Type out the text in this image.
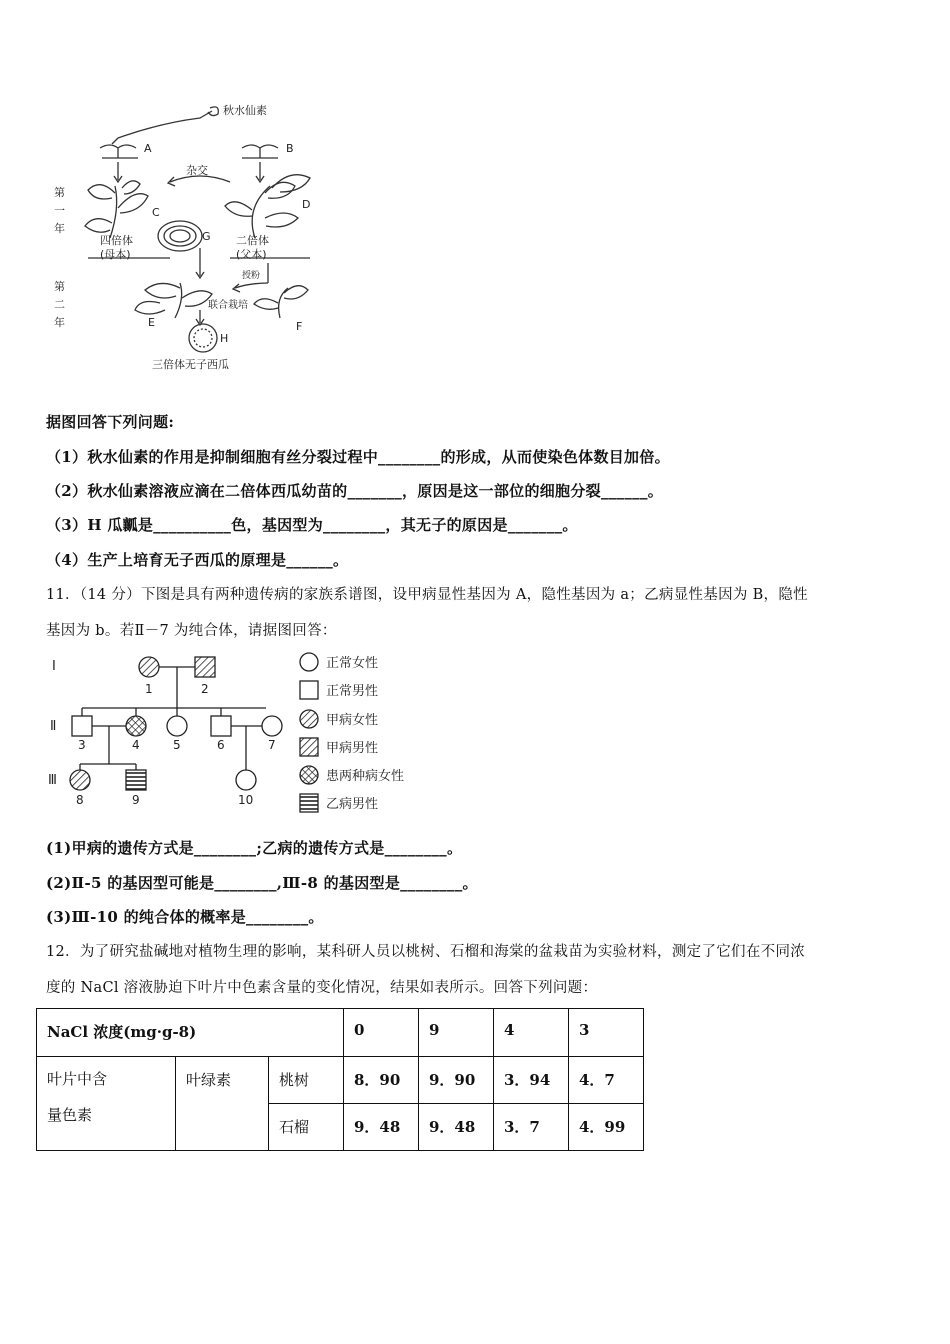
秋水仙素
A	B
杂交
C
D
G
四倍体
(母本)
二倍体
(父本)
授粉
E	F
联合栽培
H
三倍体无子西瓜
第
一
年
第
二
年
据图回答下列问题:
（1）秋水仙素的作用是抑制细胞有丝分裂过程中________的形成，从而使染色体数目加倍。
（2）秋水仙素溶液应滴在二倍体西瓜幼苗的_______，原因是这一部位的细胞分裂______。
（3）H 瓜瓤是__________色，基因型为________，其无子的原因是_______。
（4）生产上培育无子西瓜的原理是______。
11．（14 分）下图是具有两种遗传病的家族系谱图，设甲病显性基因为 A，隐性基因为 a；乙病显性基因为 B，隐性
基因为 b。若Ⅱ－7 为纯合体，请据图回答：
Ⅰ
Ⅱ
Ⅲ
1	2
3	4	5	6	7
8	9	10
正常女性
正常男性
甲病女性
甲病男性
患两种病女性
乙病男性
(1)甲病的遗传方式是________;乙病的遗传方式是________。
(2)Ⅱ-5 的基因型可能是________,Ⅲ-8 的基因型是________。
(3)Ⅲ-10 的纯合体的概率是________。
12．为了研究盐碱地对植物生理的影响，某科研人员以桃树、石榴和海棠的盆栽苗为实验材料，测定了它们在不同浓
度的 NaCl 溶液胁迫下叶片中色素含量的变化情况，结果如表所示。回答下列问题：
NaCl 浓度(mg·g-8)			0	9	4	3

叶片中含
量色素	叶绿素	桃树	8．90	9．90	3．94	4．7
		石榴	9．48	9．48	3．7	4．99
